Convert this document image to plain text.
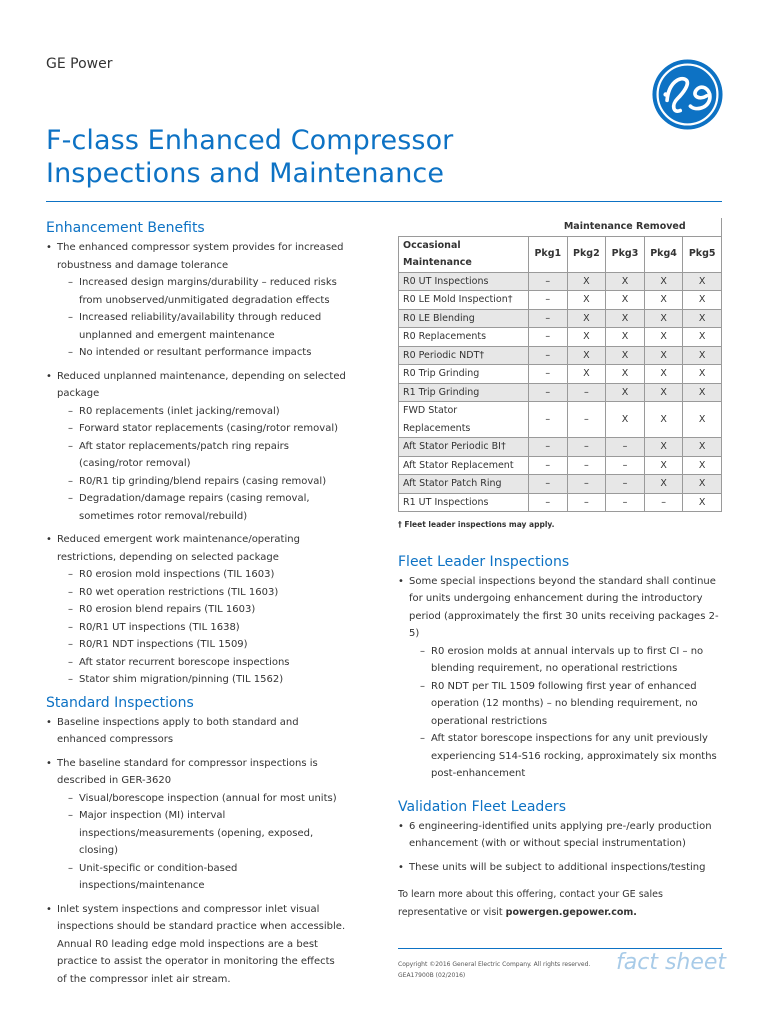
GE Power
F-class Enhanced Compressor
Inspections and Maintenance
Enhancement Benefits
• The enhanced compressor system provides for increased robustness and damage tolerance
– Increased design margins/durability – reduced risks from unobserved/unmitigated degradation effects
– Increased reliability/availability through reduced unplanned and emergent maintenance
– No intended or resultant performance impacts
• Reduced unplanned maintenance, depending on selected package
– R0 replacements (inlet jacking/removal)
– Forward stator replacements (casing/rotor removal)
– Aft stator replacements/patch ring repairs (casing/rotor removal)
– R0/R1 tip grinding/blend repairs (casing removal)
– Degradation/damage repairs (casing removal, sometimes rotor removal/rebuild)
• Reduced emergent work maintenance/operating restrictions, depending on selected package
– R0 erosion mold inspections (TIL 1603)
– R0 wet operation restrictions (TIL 1603)
– R0 erosion blend repairs (TIL 1603)
– R0/R1 UT inspections (TIL 1638)
– R0/R1 NDT inspections (TIL 1509)
– Aft stator recurrent borescope inspections
– Stator shim migration/pinning (TIL 1562)
Standard Inspections
• Baseline inspections apply to both standard and enhanced compressors
• The baseline standard for compressor inspections is described in GER-3620
– Visual/borescope inspection (annual for most units)
– Major inspection (MI) interval inspections/measurements (opening, exposed, closing)
– Unit-specific or condition-based inspections/maintenance
• Inlet system inspections and compressor inlet visual inspections should be standard practice when accessible. Annual R0 leading edge mold inspections are a best practice to assist the operator in monitoring the effects of the compressor inlet air stream.
	Maintenance Removed				
Occasional Maintenance	Pkg1	Pkg2	Pkg3	Pkg4	Pkg5
R0 UT Inspections	–	X	X	X	X
R0 LE Mold Inspection†	–	X	X	X	X
R0 LE Blending	–	X	X	X	X
R0 Replacements	–	X	X	X	X
R0 Periodic NDT†	–	X	X	X	X
R0 Trip Grinding	–	X	X	X	X
R1 Trip Grinding	–	–	X	X	X
FWD Stator Replacements	–	–	X	X	X
Aft Stator Periodic BI†	–	–	–	X	X
Aft Stator Replacement	–	–	–	X	X
Aft Stator Patch Ring	–	–	–	X	X
R1 UT Inspections	–	–	–	–	X
† Fleet leader inspections may apply.
Fleet Leader Inspections
• Some special inspections beyond the standard shall continue for units undergoing enhancement during the introductory period (approximately the first 30 units receiving packages 2-5)
– R0 erosion molds at annual intervals up to first CI – no blending requirement, no operational restrictions
– R0 NDT per TIL 1509 following first year of enhanced operation (12 months) – no blending requirement, no operational restrictions
– Aft stator borescope inspections for any unit previously experiencing S14-S16 rocking, approximately six months post-enhancement
Validation Fleet Leaders
• 6 engineering-identified units applying pre-/early production enhancement (with or without special instrumentation)
• These units will be subject to additional inspections/testing
To learn more about this offering, contact your GE sales representative or visit powergen.gepower.com.
Copyright ©2016 General Electric Company. All rights reserved.
GEA17900B (02/2016)
fact sheet
